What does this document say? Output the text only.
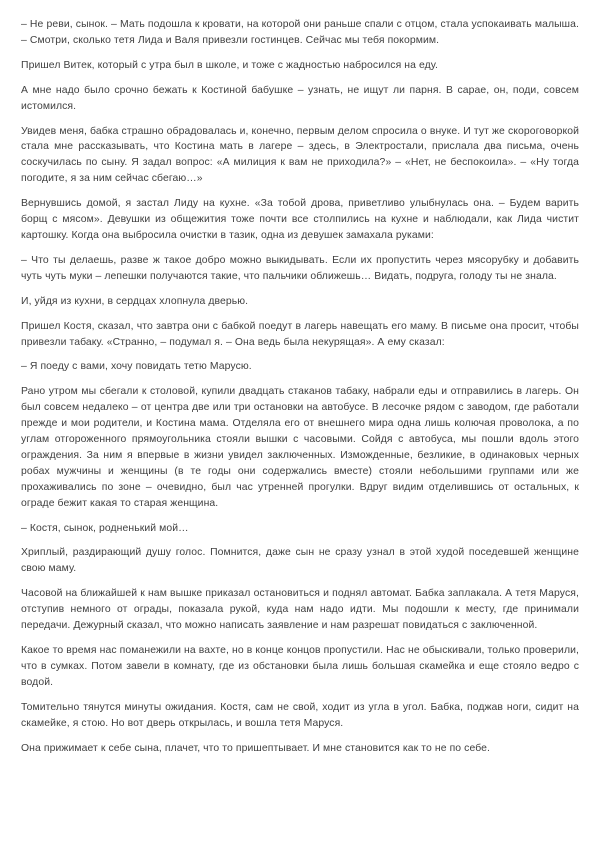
– Не реви, сынок. – Мать подошла к кровати, на которой они раньше спали с отцом, стала успокаивать малыша. – Смотри, сколько тетя Лида и Валя привезли гостинцев. Сейчас мы тебя покормим.

Пришел Витек, который с утра был в школе, и тоже с жадностью набросился на еду.

А мне надо было срочно бежать к Костиной бабушке – узнать, не ищут ли парня. В сарае, он, поди, совсем истомился.

Увидев меня, бабка страшно обрадовалась и, конечно, первым делом спросила о внуке. И тут же скороговоркой стала мне рассказывать, что Костина мать в лагере – здесь, в Электростали, прислала два письма, очень соскучилась по сыну. Я задал вопрос: «А милиция к вам не приходила?» – «Нет, не беспокоила». – «Ну тогда погодите, я за ним сейчас сбегаю…»

Вернувшись домой, я застал Лиду на кухне. «За тобой дрова, приветливо улыбнулась она. – Будем варить борщ с мясом». Девушки из общежития тоже почти все столпились на кухне и наблюдали, как Лида чистит картошку. Когда она выбросила очистки в тазик, одна из девушек замахала руками:

– Что ты делаешь, разве ж такое добро можно выкидывать. Если их пропустить через мясорубку и добавить чуть чуть муки – лепешки получаются такие, что пальчики оближешь… Видать, подруга, голоду ты не знала.

И, уйдя из кухни, в сердцах хлопнула дверью.

Пришел Костя, сказал, что завтра они с бабкой поедут в лагерь навещать его маму. В письме она просит, чтобы привезли табаку. «Странно, – подумал я. – Она ведь была некурящая». А ему сказал:

– Я поеду с вами, хочу повидать тетю Марусю.

Рано утром мы сбегали к столовой, купили двадцать стаканов табаку, набрали еды и отправились в лагерь. Он был совсем недалеко – от центра две или три остановки на автобусе. В лесочке рядом с заводом, где работали прежде и мои родители, и Костина мама. Отделяла его от внешнего мира одна лишь колючая проволока, а по углам отгороженного прямоугольника стояли вышки с часовыми. Сойдя с автобуса, мы пошли вдоль этого ограждения. За ним я впервые в жизни увидел заключенных. Изможденные, безликие, в одинаковых черных робах мужчины и женщины (в те годы они содержались вместе) стояли небольшими группами или же прохаживались по зоне – очевидно, был час утренней прогулки. Вдруг видим отделившись от остальных, к ограде бежит какая то старая женщина.

– Костя, сынок, родненький мой…

Хриплый, раздирающий душу голос. Помнится, даже сын не сразу узнал в этой худой поседевшей женщине свою маму.

Часовой на ближайшей к нам вышке приказал остановиться и поднял автомат. Бабка заплакала. А тетя Маруся, отступив немного от ограды, показала рукой, куда нам надо идти. Мы подошли к месту, где принимали передачи. Дежурный сказал, что можно написать заявление и нам разрешат повидаться с заключенной.

Какое то время нас поманежили на вахте, но в конце концов пропустили. Нас не обыскивали, только проверили, что в сумках. Потом завели в комнату, где из обстановки была лишь большая скамейка и еще стояло ведро с водой.

Томительно тянутся минуты ожидания. Костя, сам не свой, ходит из угла в угол. Бабка, поджав ноги, сидит на скамейке, я стою. Но вот дверь открылась, и вошла тетя Маруся.

Она прижимает к себе сына, плачет, что то пришептывает. И мне становится как то не по себе.
